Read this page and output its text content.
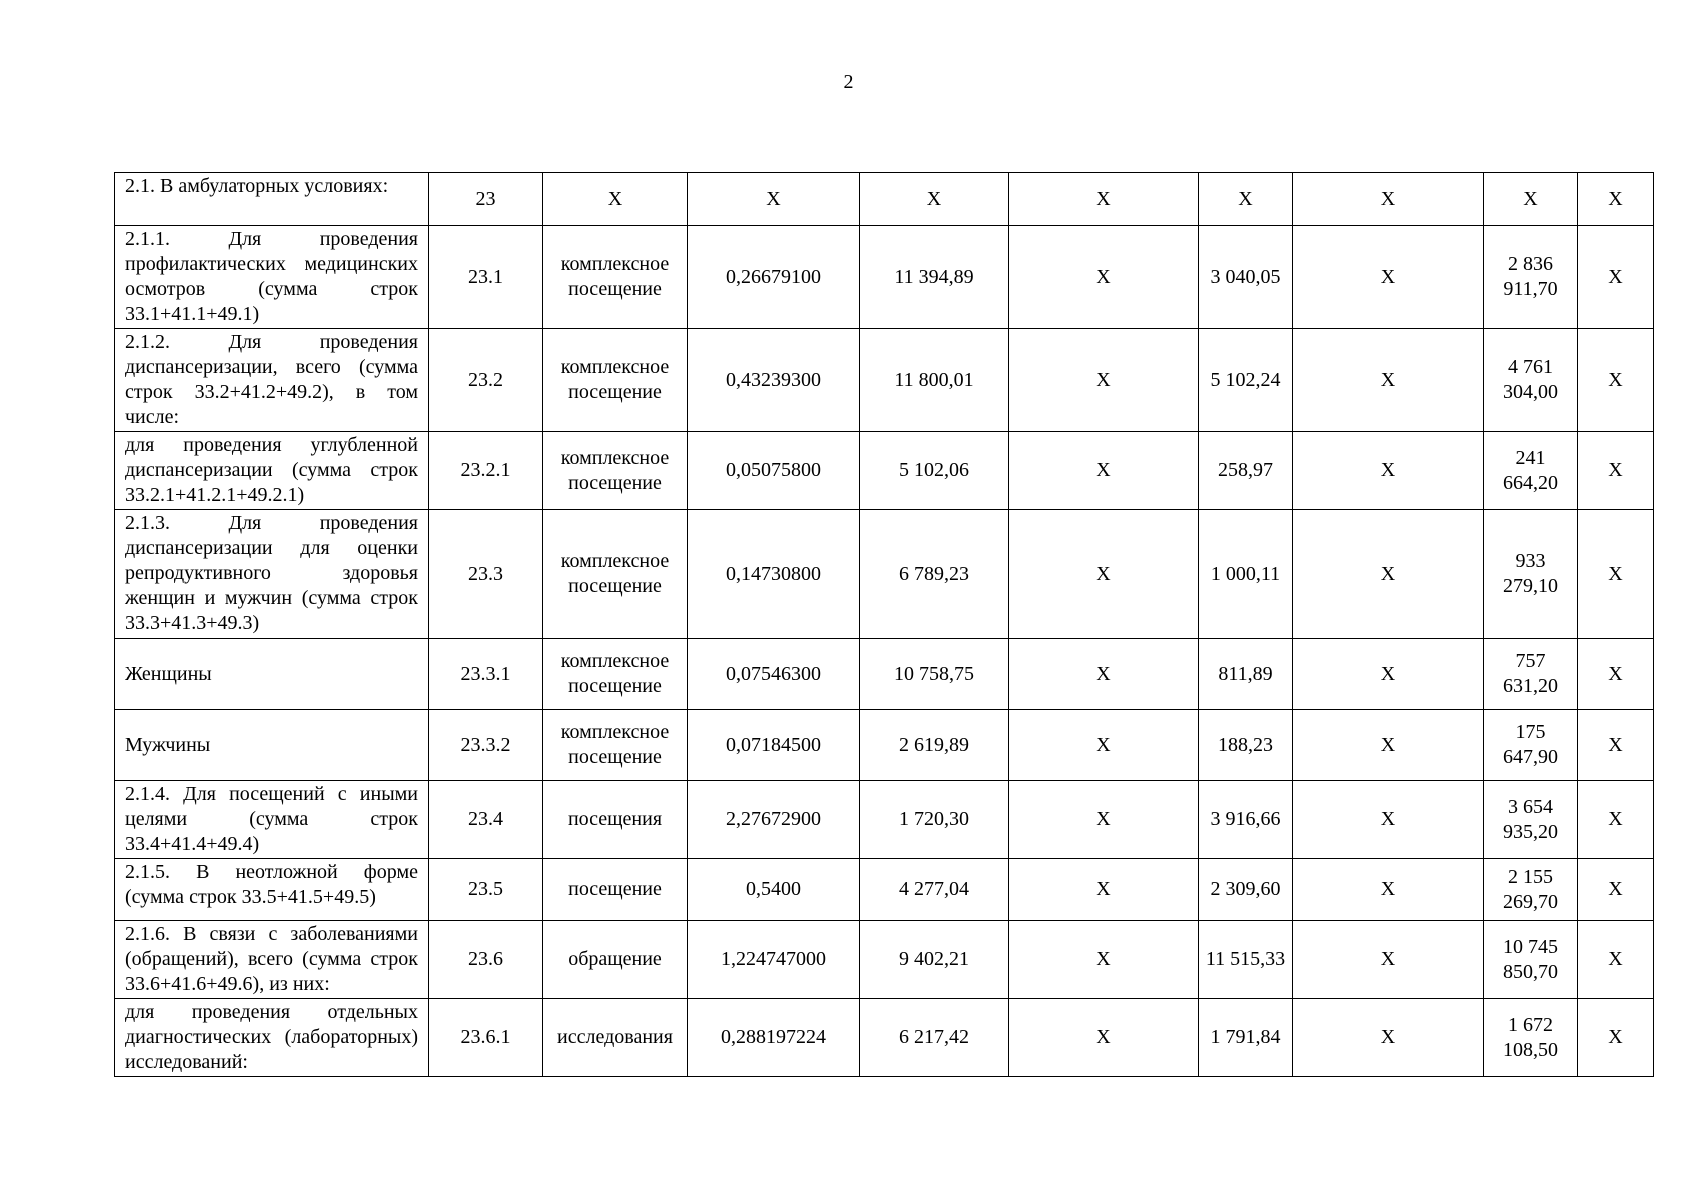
2
2.1. В амбулаторных условиях:	23	Х	Х	Х	Х	Х	Х	Х	Х
2.1.1. Для проведения профилактических медицинских осмотров (сумма строк 33.1+41.1+49.1)	23.1	комплексное посещение	0,26679100	11 394,89	Х	3 040,05	Х	2 836 911,70	Х
2.1.2. Для проведения диспансеризации, всего (сумма строк 33.2+41.2+49.2), в том числе:	23.2	комплексное посещение	0,43239300	11 800,01	Х	5 102,24	Х	4 761 304,00	Х
для проведения углубленной диспансеризации (сумма строк 33.2.1+41.2.1+49.2.1)	23.2.1	комплексное посещение	0,05075800	5 102,06	Х	258,97	Х	241 664,20	Х
2.1.3. Для проведения диспансеризации для оценки репродуктивного здоровья женщин и мужчин (сумма строк 33.3+41.3+49.3)	23.3	комплексное посещение	0,14730800	6 789,23	Х	1 000,11	Х	933 279,10	Х
Женщины	23.3.1	комплексное посещение	0,07546300	10 758,75	Х	811,89	Х	757 631,20	Х
Мужчины	23.3.2	комплексное посещение	0,07184500	2 619,89	Х	188,23	Х	175 647,90	Х
2.1.4. Для посещений с иными целями (сумма строк 33.4+41.4+49.4)	23.4	посещения	2,27672900	1 720,30	Х	3 916,66	Х	3 654 935,20	Х
2.1.5. В неотложной форме (сумма строк 33.5+41.5+49.5)	23.5	посещение	0,5400	4 277,04	Х	2 309,60	Х	2 155 269,70	Х
2.1.6. В связи с заболеваниями (обращений), всего (сумма строк 33.6+41.6+49.6), из них:	23.6	обращение	1,224747000	9 402,21	Х	11 515,33	Х	10 745 850,70	Х
для проведения отдельных диагностических (лабораторных) исследований:	23.6.1	исследования	0,288197224	6 217,42	Х	1 791,84	Х	1 672 108,50	Х
